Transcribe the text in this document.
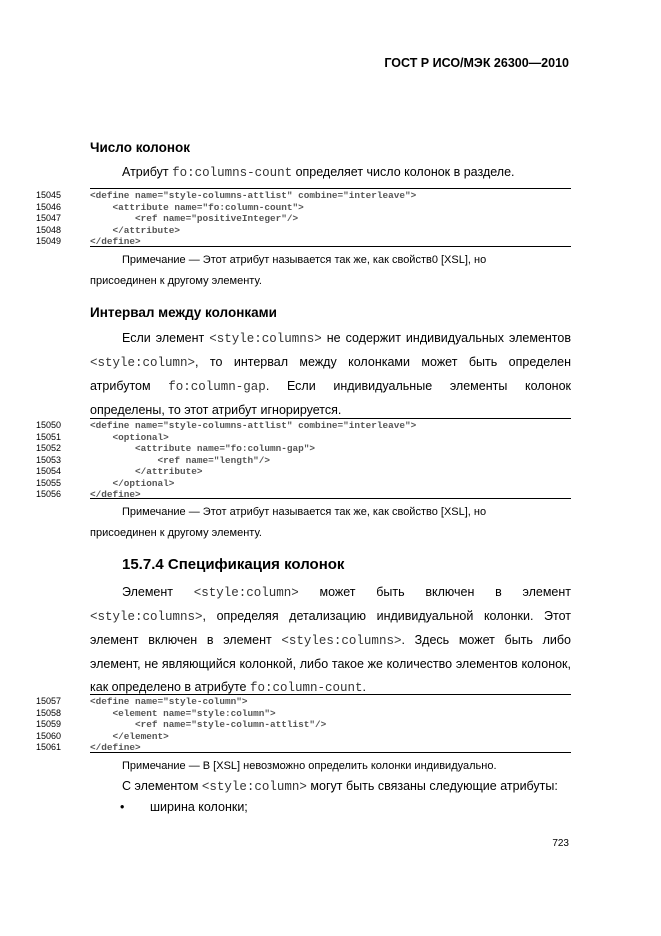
ГОСТ Р ИСО/МЭК 26300—2010
Число колонок
Атрибут fo:columns-count определяет число колонок в разделе.
15045	<define name="style-columns-attlist" combine="interleave">
15046	<attribute name="fo:column-count">
15047	<ref name="positiveInteger"/>
15048	</attribute>
15049	</define>
Примечание — Этот атрибут называется так же, как свойств0 [XSL], но
присоединен к другому элементу.
Интервал между колонками
Если элемент <style:columns> не содержит индивидуальных элементов <style:column>, то интервал между колонками может быть определен атрибутом fo:column-gap. Если индивидуальные элементы колонок определены, то этот атрибут игнорируется.
15050	<define name="style-columns-attlist" combine="interleave">
15051	<optional>
15052	<attribute name="fo:column-gap">
15053	<ref name="length"/>
15054	</attribute>
15055	</optional>
15056	</define>
Примечание — Этот атрибут называется так же, как свойство [XSL], но
присоединен к другому элементу.
15.7.4 Спецификация колонок
Элемент <style:column> может быть включен в элемент <style:columns>, определяя детализацию индивидуальной колонки. Этот элемент включен в элемент <styles:columns>. Здесь может быть либо элемент, не являющийся колонкой, либо такое же количество элементов колонок, как определено в атрибуте fo:column-count.
15057	<define name="style-column">
15058	<element name="style:column">
15059	<ref name="style-column-attlist"/>
15060	</element>
15061	</define>
Примечание — В [XSL] невозможно определить колонки индивидуально.
С элементом <style:column> могут быть связаны следующие атрибуты:
• ширина колонки;
723
